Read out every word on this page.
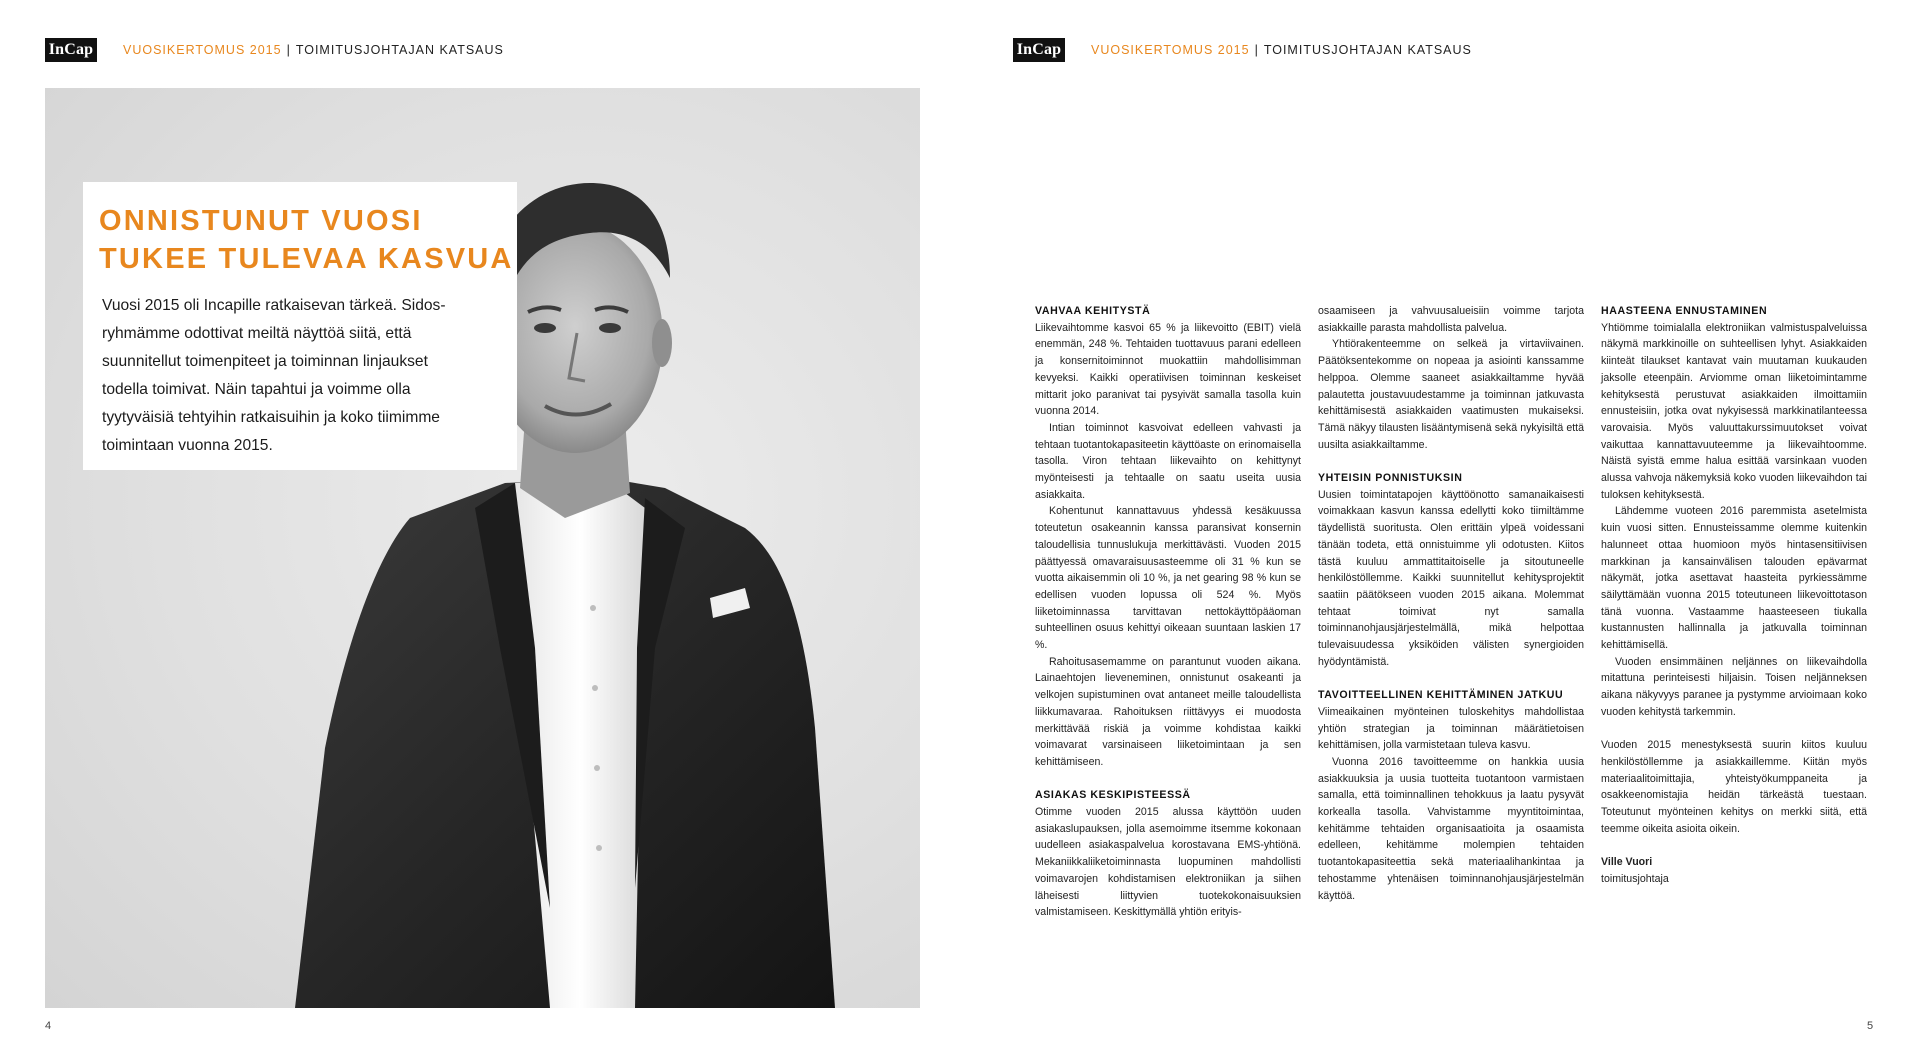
InCap VUOSIKERTOMUS 2015 | TOIMITUSJOHTAJAN KATSAUS	InCap VUOSIKERTOMUS 2015 | TOIMITUSJOHTAJAN KATSAUS
ONNISTUNUT VUOSI
TUKEE TULEVAA KASVUA

Vuosi 2015 oli Incapille ratkaisevan tärkeä. Sidos-
ryhmämme odottivat meiltä näyttöä siitä, että
suunnitellut toimenpiteet ja toiminnan linjaukset
todella toimivat. Näin tapahtui ja voimme olla
tyytyväisiä tehtyihin ratkaisuihin ja koko tiimimme
toimintaan vuonna 2015.

VAHVAA KEHITYSTÄ

Liikevaihtomme kasvoi 65 % ja liikevoitto (EBIT) vielä enemmän, 248 %. Tehtaiden tuottavuus parani edelleen ja konsernitoiminnot muokattiin mahdollisimman kevyeksi. Kaikki operatiivisen toiminnan keskeiset mittarit joko paranivat tai pysyivät samalla tasolla kuin vuonna 2014.

Intian toiminnot kasvoivat edelleen vahvasti ja tehtaan tuotantokapasiteetin käyttöaste on erinomaisella tasolla. Viron tehtaan liikevaihto on kehittynyt myönteisesti ja tehtaalle on saatu useita uusia asiakkaita.

Kohentunut kannattavuus yhdessä kesäkuussa toteutetun osakeannin kanssa paransivat konsernin taloudellisia tunnuslukuja merkittävästi. Vuoden 2015 päättyessä omavaraisuusasteemme oli 31 % kun se vuotta aikaisemmin oli 10 %, ja net gearing 98 % kun se edellisen vuoden lopussa oli 524 %. Myös liiketoiminnassa tarvittavan nettokäyttöpääoman suhteellinen osuus kehittyi oikeaan suuntaan laskien 17 %.

Rahoitusasemamme on parantunut vuoden aikana. Lainaehtojen lieveneminen, onnistunut osakeanti ja velkojen supistuminen ovat antaneet meille taloudellista liikkumavaraa. Rahoituksen riittävyys ei muodosta merkittävää riskiä ja voimme kohdistaa kaikki voimavarat varsinaiseen liiketoimintaan ja sen kehittämiseen.

ASIAKAS KESKIPISTEESSÄ

Otimme vuoden 2015 alussa käyttöön uuden asiakaslupauksen, jolla asemoimme itsemme kokonaan uudelleen asiakaspalvelua korostavana EMS-yhtiönä. Mekaniikkaliiketoiminnasta luopuminen mahdollisti voimavarojen kohdistamisen elektroniikan ja siihen läheisesti liittyvien tuotekokonaisuuksien valmistamiseen. Keskittymällä yhtiön erityis-

osaamiseen ja vahvuusalueisiin voimme tarjota asiakkaille parasta mahdollista palvelua.

Yhtiörakenteemme on selkeä ja virtaviivainen. Päätöksentekomme on nopeaa ja asiointi kanssamme helppoa. Olemme saaneet asiakkailtamme hyvää palautetta joustavuudestamme ja toiminnan jatkuvasta kehittämisestä asiakkaiden vaatimusten mukaiseksi. Tämä näkyy tilausten lisääntymisenä sekä nykyisiltä että uusilta asiakkailtamme.

YHTEISIN PONNISTUKSIN

Uusien toimintatapojen käyttöönotto samanaikaisesti voimakkaan kasvun kanssa edellytti koko tiimiltämme täydellistä suoritusta. Olen erittäin ylpeä voidessani tänään todeta, että onnistuimme yli odotusten. Kiitos tästä kuuluu ammattitaitoiselle ja sitoutuneelle henkilöstöllemme. Kaikki suunnitellut kehitysprojektit saatiin päätökseen vuoden 2015 aikana. Molemmat tehtaat toimivat nyt samalla toiminnanohjausjärjestelmällä, mikä helpottaa tulevaisuudessa yksiköiden välisten synergioiden hyödyntämistä.

TAVOITTEELLINEN KEHITTÄMINEN JATKUU

Viimeaikainen myönteinen tuloskehitys mahdollistaa yhtiön strategian ja toiminnan määrätietoisen kehittämisen, jolla varmistetaan tuleva kasvu.

Vuonna 2016 tavoitteemme on hankkia uusia asiakkuuksia ja uusia tuotteita tuotantoon varmistaen samalla, että toiminnallinen tehokkuus ja laatu pysyvät korkealla tasolla. Vahvistamme myyntitoimintaa, kehitämme tehtaiden organisaatioita ja osaamista edelleen, kehitämme molempien tehtaiden tuotantokapasiteettia sekä materiaalihankintaa ja tehostamme yhtenäisen toiminnanohjausjärjestelmän käyttöä.

HAASTEENA ENNUSTAMINEN

Yhtiömme toimialalla elektroniikan valmistuspalveluissa näkymä markkinoille on suhteellisen lyhyt. Asiakkaiden kiinteät tilaukset kantavat vain muutaman kuukauden jaksolle eteenpäin. Arviomme oman liiketoimintamme kehityksestä perustuvat asiakkaiden ilmoittamiin ennusteisiin, jotka ovat nykyisessä markkinatilanteessa varovaisia. Myös valuuttakurssimuutokset voivat vaikuttaa kannattavuuteemme ja liikevaihtoomme. Näistä syistä emme halua esittää varsinkaan vuoden alussa vahvoja näkemyksiä koko vuoden liikevaihdon tai tuloksen kehityksestä.

Lähdemme vuoteen 2016 paremmista asetelmista kuin vuosi sitten. Ennusteissamme olemme kuitenkin halunneet ottaa huomioon myös hintasensitiivisen markkinan ja kansainvälisen talouden epävarmat näkymät, jotka asettavat haasteita pyrkiessämme säilyttämään vuonna 2015 toteutuneen liikevoittotason tänä vuonna. Vastaamme haasteeseen tiukalla kustannusten hallinnalla ja jatkuvalla toiminnan kehittämisellä.

Vuoden ensimmäinen neljännes on liikevaihdolla mitattuna perinteisesti hiljaisin. Toisen neljänneksen aikana näkyvyys paranee ja pystymme arvioimaan koko vuoden kehitystä tarkemmin.

Vuoden 2015 menestyksestä suurin kiitos kuuluu henkilöstöllemme ja asiakkaillemme. Kiitän myös materiaalitoimittajia, yhteistyökumppaneita ja osakkeenomistajia heidän tärkeästä tuestaan. Toteutunut myönteinen kehitys on merkki siitä, että teemme oikeita asioita oikein.

Ville Vuori

toimitusjohtaja

4	5
